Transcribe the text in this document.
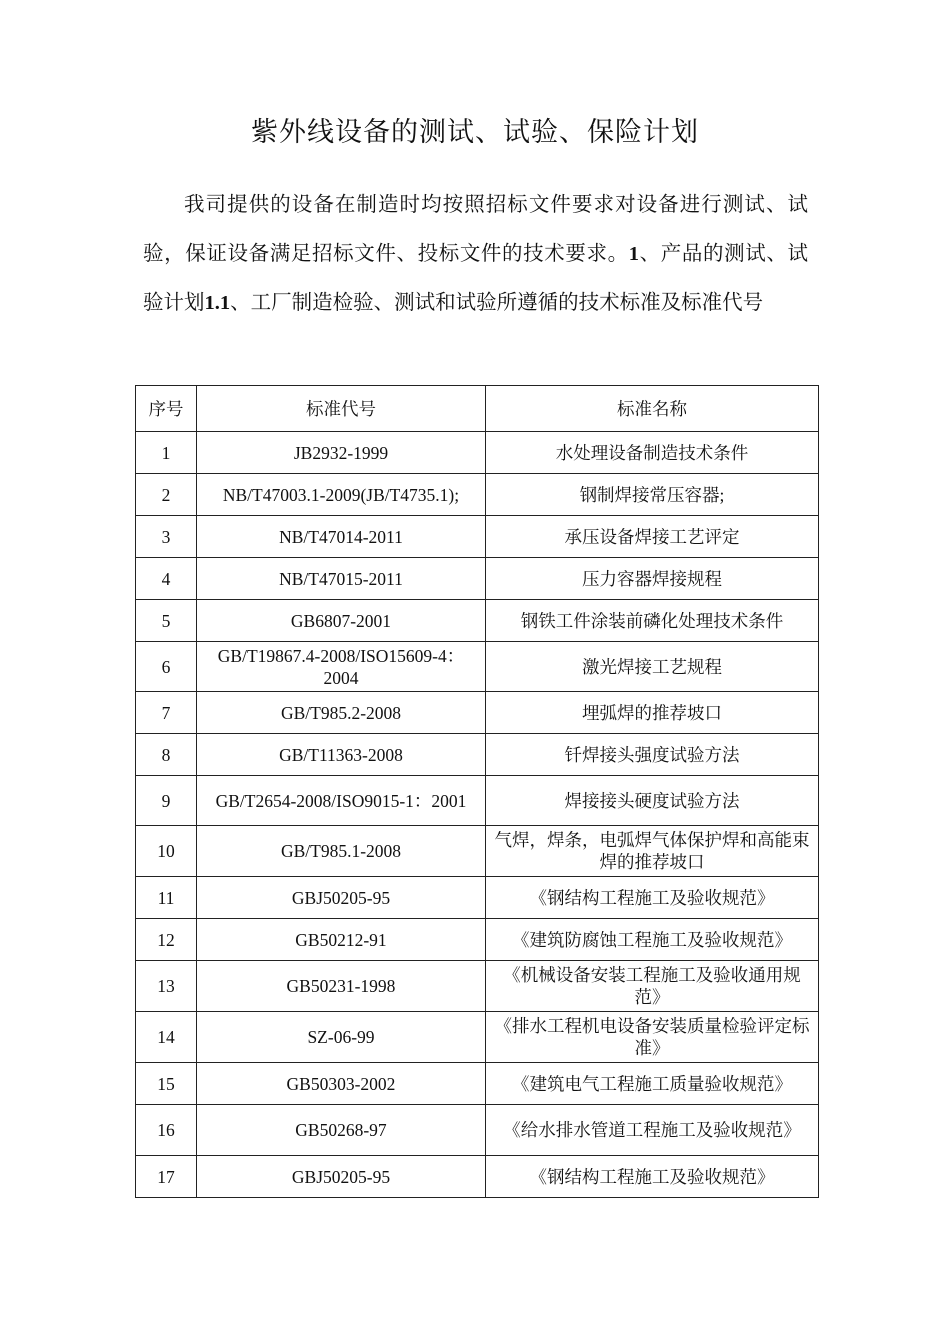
紫外线设备的测试、试验、保险计划

我司提供的设备在制造时均按照招标文件要求对设备进行测试、试验，保证设备满足招标文件、投标文件的技术要求。1、产品的测试、试验计划1.1、工厂制造检验、测试和试验所遵循的技术标准及标准代号

序号	标准代号	标准名称
1	JB2932-1999	水处理设备制造技术条件
2	NB/T47003.1-2009(JB/T4735.1);	钢制焊接常压容器;
3	NB/T47014-2011	承压设备焊接工艺评定
4	NB/T47015-2011	压力容器焊接规程
5	GB6807-2001	钢铁工件涂装前磷化处理技术条件
6	GB/T19867.4-2008/ISO15609-4：2004	激光焊接工艺规程
7	GB/T985.2-2008	埋弧焊的推荐坡口
8	GB/T11363-2008	钎焊接头强度试验方法
9	GB/T2654-2008/ISO9015-1：2001	焊接接头硬度试验方法
10	GB/T985.1-2008	气焊，焊条，电弧焊气体保护焊和高能束焊的推荐坡口
11	GBJ50205-95	《钢结构工程施工及验收规范》
12	GB50212-91	《建筑防腐蚀工程施工及验收规范》
13	GB50231-1998	《机械设备安装工程施工及验收通用规范》
14	SZ-06-99	《排水工程机电设备安装质量检验评定标准》
15	GB50303-2002	《建筑电气工程施工质量验收规范》
16	GB50268-97	《给水排水管道工程施工及验收规范》
17	GBJ50205-95	《钢结构工程施工及验收规范》
